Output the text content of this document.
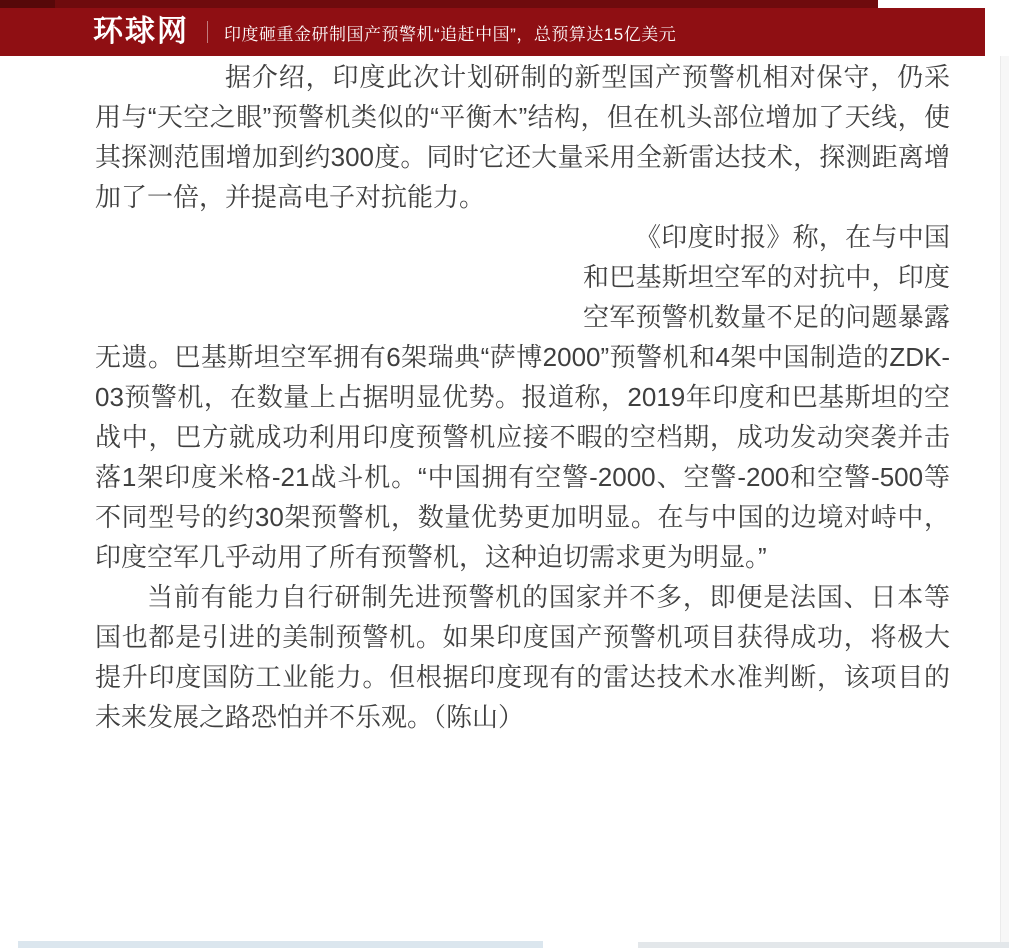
环球网 印度砸重金研制国产预警机“追赶中国”，总预算达15亿美元

据介绍，印度此次计划研制的新型国产预警机相对保守，仍采用与“天空之眼”预警机类似的“平衡木”结构，但在机头部位增加了天线，使其探测范围增加到约300度。同时它还大量采用全新雷达技术，探测距离增加了一倍，并提高电子对抗能力。

《印度时报》称，在与中国和巴基斯坦空军的对抗中，印度空军预警机数量不足的问题暴露无遗。巴基斯坦空军拥有6架瑞典“萨博2000”预警机和4架中国制造的ZDK-03预警机，在数量上占据明显优势。报道称，2019年印度和巴基斯坦的空战中，巴方就成功利用印度预警机应接不暇的空档期，成功发动突袭并击落1架印度米格-21战斗机。“中国拥有空警-2000、空警-200和空警-500等不同型号的约30架预警机，数量优势更加明显。在与中国的边境对峙中，印度空军几乎动用了所有预警机，这种迫切需求更为明显。”

当前有能力自行研制先进预警机的国家并不多，即便是法国、日本等国也都是引进的美制预警机。如果印度国产预警机项目获得成功，将极大提升印度国防工业能力。但根据印度现有的雷达技术水准判断，该项目的未来发展之路恐怕并不乐观。（陈山）
